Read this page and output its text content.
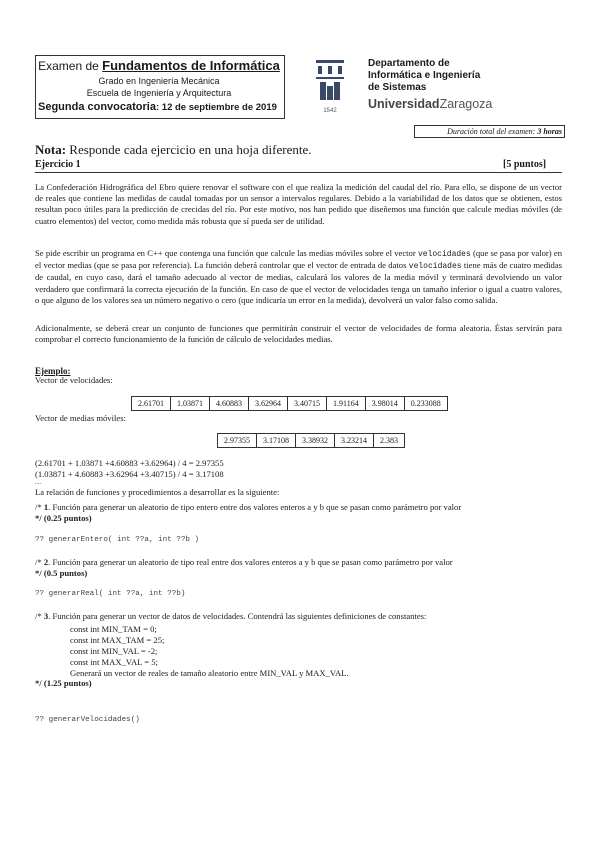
Examen de Fundamentos de Informática
Grado en Ingeniería Mecánica
Escuela de Ingeniería y Arquitectura
Segunda convocatoria: 12 de septiembre de 2019	1542
Departamento de
Informática e Ingeniería
de Sistemas
UniversidadZaragoza
Duración total del examen: 3 horas
Nota: Responde cada ejercicio en una hoja diferente.
Ejercicio 1	[5 puntos]
La Confederación Hidrográfica del Ebro quiere renovar el software con el que realiza la medición del caudal del río. Para ello, se dispone de un vector de reales que contiene las medidas de caudal tomadas por un sensor a intervalos regulares. Debido a la variabilidad de los datos que se obtienen, estos resultan poco útiles para la predicción de crecidas del río. Por este motivo, nos han pedido que diseñemos una función que calcule medias móviles (de cuatro elementos) del vector, como medida más robusta que sí pueda ser de utilidad.
Se pide escribir un programa en C++ que contenga una función que calcule las medias móviles sobre el vector velocidades (que se pasa por valor) en el vector medias (que se pasa por referencia). La función deberá controlar que el vector de entrada de datos velocidades tiene más de cuatro medidas de caudal, en cuyo caso, dará el tamaño adecuado al vector de medias, calculará los valores de la media móvil y terminará devolviendo un valor verdadero que confirmará la correcta ejecución de la función. En caso de que el vector de velocidades tenga un tamaño inferior o igual a cuatro valores, o que alguno de los valores sea un número negativo o cero (que indicaría un error en la medida), devolverá un valor falso como salida.
Adicionalmente, se deberá crear un conjunto de funciones que permitirán construir el vector de velocidades de forma aleatoria. Éstas servirán para comprobar el correcto funcionamiento de la función de cálculo de velocidades medias.
Ejemplo:
Vector de velocidades:
2.61701	1.03871	4.60883	3.62964	3.40715	1.91164	3.98014	0.233088
Vector de medias móviles:
2.97355	3.17108	3.38932	3.23214	2.383
(2.61701 + 1.03871 +4.60883 +3.62964) / 4 = 2.97355
(1.03871 + 4.60883 +3.62964 +3.40715) / 4 = 3.17108
....
La relación de funciones y procedimientos a desarrollar es la siguiente:
/* 1. Función para generar un aleatorio de tipo entero entre dos valores enteros a y b que se pasan como parámetro por valor
*/ (0.25 puntos)
?? generarEntero( int ??a, int ??b )
/* 2. Función para generar un aleatorio de tipo real entre dos valores enteros a y b que se pasan como parámetro por valor
*/ (0.5 puntos)
?? generarReal( int ??a, int ??b)
/* 3. Función para generar un vector de datos de velocidades. Contendrá las siguientes definiciones de constantes:
const int MIN_TAM = 0;
const int MAX_TAM = 25;
const int MIN_VAL = -2;
const int MAX_VAL = 5;
Generará un vector de reales de tamaño aleatorio entre MIN_VAL y MAX_VAL.
*/ (1.25 puntos)
?? generarVelocidades()
